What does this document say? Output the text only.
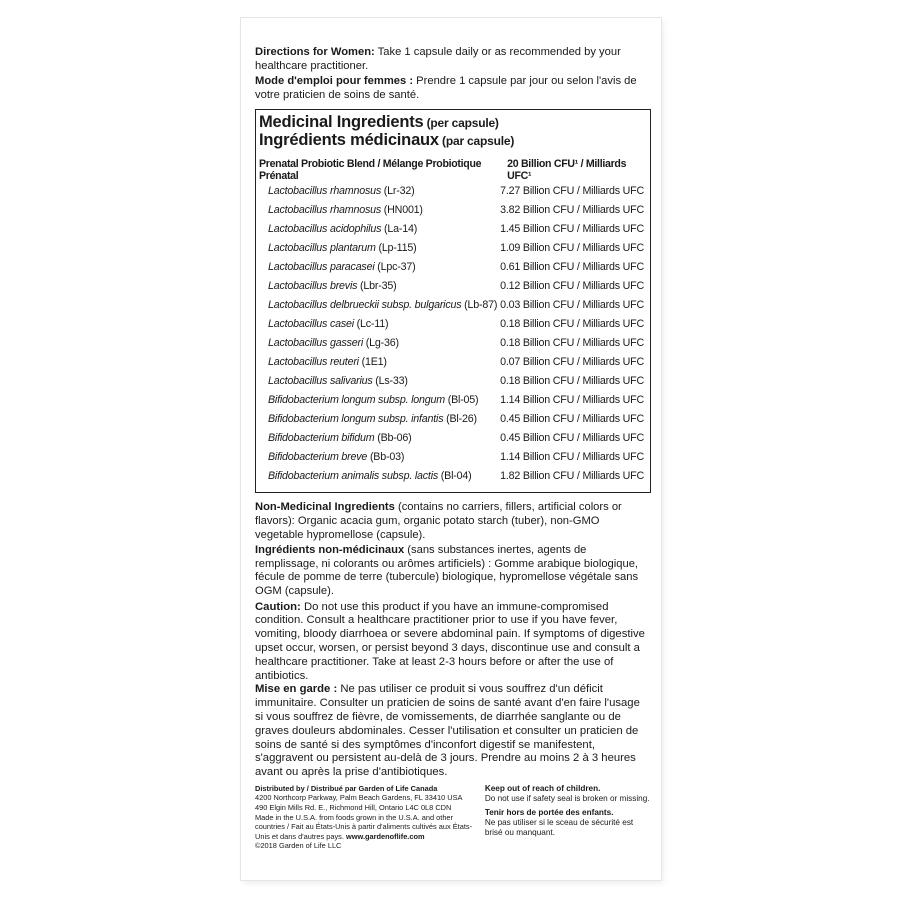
Directions for Women: Take 1 capsule daily or as recommended by your healthcare practitioner.

Mode d'emploi pour femmes : Prendre 1 capsule par jour ou selon l'avis de votre praticien de soins de santé.

Medicinal Ingredients (per capsule)
Ingrédients médicinaux (par capsule)
Prenatal Probiotic Blend / Mélange Probiotique Prénatal
20 Billion CFU¹ / Milliards UFC¹
Lactobacillus rhamnosus (Lr-32)	7.27 Billion CFU / Milliards UFC
Lactobacillus rhamnosus (HN001)	3.82 Billion CFU / Milliards UFC
Lactobacillus acidophilus (La-14)	1.45 Billion CFU / Milliards UFC
Lactobacillus plantarum (Lp-115)	1.09 Billion CFU / Milliards UFC
Lactobacillus paracasei (Lpc-37)	0.61 Billion CFU / Milliards UFC
Lactobacillus brevis (Lbr-35)	0.12 Billion CFU / Milliards UFC
Lactobacillus delbrueckii subsp. bulgaricus (Lb-87) 0.03 Billion CFU / Milliards UFC
Lactobacillus casei (Lc-11)	0.18 Billion CFU / Milliards UFC
Lactobacillus gasseri (Lg-36)	0.18 Billion CFU / Milliards UFC
Lactobacillus reuteri (1E1)	0.07 Billion CFU / Milliards UFC
Lactobacillus salivarius (Ls-33)	0.18 Billion CFU / Milliards UFC
Bifidobacterium longum subsp. longum (Bl-05) 1.14 Billion CFU / Milliards UFC
Bifidobacterium longum subsp. infantis (Bl-26) 0.45 Billion CFU / Milliards UFC
Bifidobacterium bifidum (Bb-06)	0.45 Billion CFU / Milliards UFC
Bifidobacterium breve (Bb-03)	1.14 Billion CFU / Milliards UFC
Bifidobacterium animalis subsp. lactis (Bl-04)	1.82 Billion CFU / Milliards UFC

Non-Medicinal Ingredients (contains no carriers, fillers, artificial colors or flavors): Organic acacia gum, organic potato starch (tuber), non-GMO vegetable hypromellose (capsule).

Ingrédients non-médicinaux (sans substances inertes, agents de remplissage, ni colorants ou arômes artificiels) : Gomme arabique biologique, fécule de pomme de terre (tubercule) biologique, hypromellose végétale sans OGM (capsule).

Caution: Do not use this product if you have an immune-compromised condition. Consult a healthcare practitioner prior to use if you have fever, vomiting, bloody diarrhoea or severe abdominal pain. If symptoms of digestive upset occur, worsen, or persist beyond 3 days, discontinue use and consult a healthcare practitioner. Take at least 2-3 hours before or after the use of antibiotics.

Mise en garde : Ne pas utiliser ce produit si vous souffrez d'un déficit immunitaire. Consulter un praticien de soins de santé avant d'en faire l'usage si vous souffrez de fièvre, de vomissements, de diarrhée sanglante ou de graves douleurs abdominales. Cesser l'utilisation et consulter un praticien de soins de santé si des symptômes d'inconfort digestif se manifestent, s'aggravent ou persistent au-delà de 3 jours. Prendre au moins 2 à 3 heures avant ou après la prise d'antibiotiques.

Distributed by / Distribué par Garden of Life Canada
4200 Northcorp Parkway, Palm Beach Gardens, FL 33410 USA
490 Elgin Mills Rd. E., Richmond Hill, Ontario L4C 0L8 CDN
Made in the U.S.A. from foods grown in the U.S.A. and other countries / Fait au États-Unis à partir d'aliments cultivés aux États-Unis et dans d'autres pays. www.gardenoflife.com
©2018 Garden of Life LLC
Keep out of reach of children.
Do not use if safety seal is broken or missing.
Tenir hors de portée des enfants.
Ne pas utiliser si le sceau de sécurité est brisé ou manquant.
